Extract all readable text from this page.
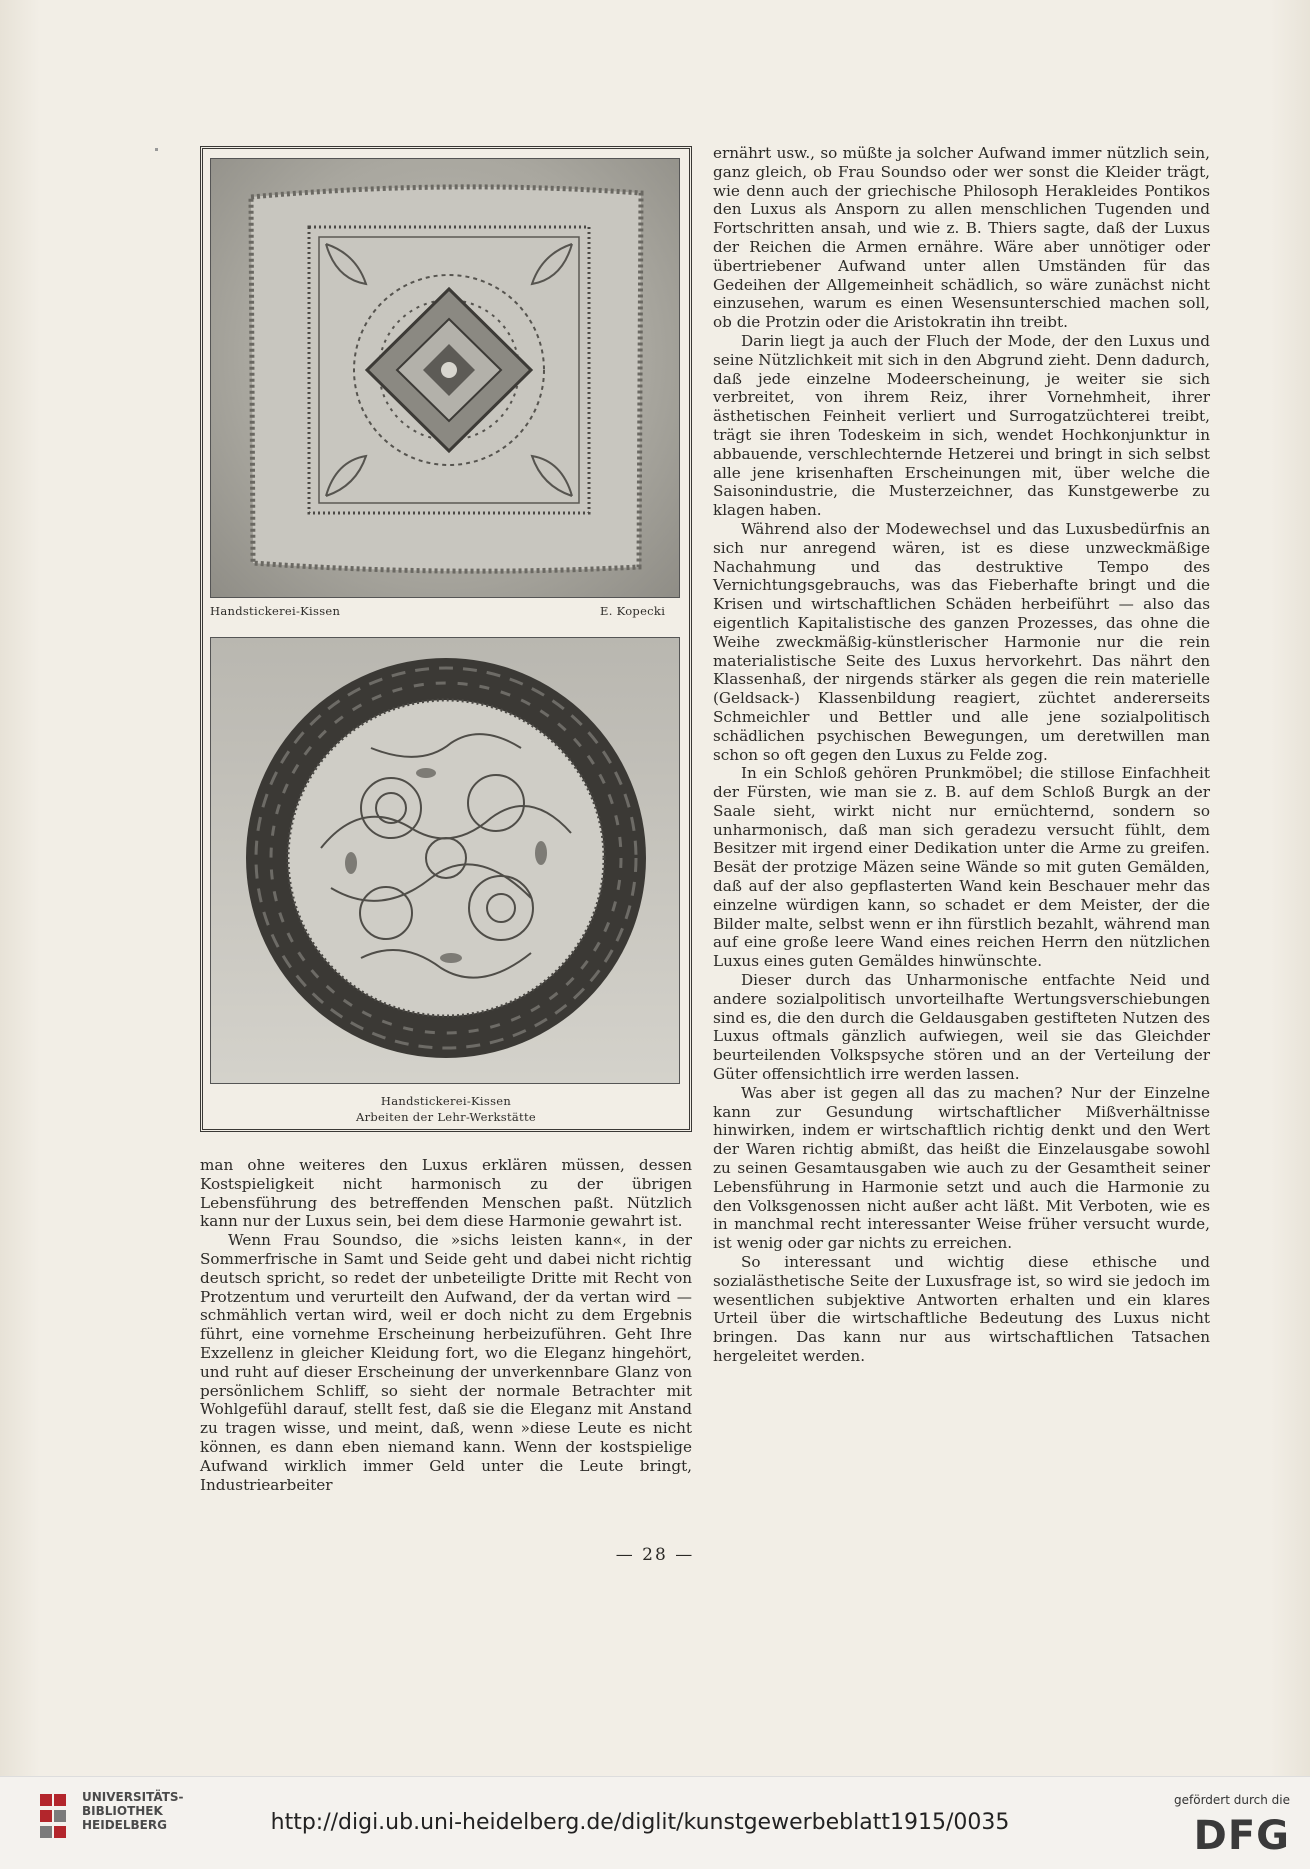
Handstickerei-Kissen	E. Kopecki
Handstickerei-Kissen
Arbeiten der Lehr-Werkstätte

ernährt usw., so müßte ja solcher Aufwand immer nützlich sein, ganz gleich, ob Frau Soundso oder wer sonst die Kleider trägt, wie denn auch der griechische Philosoph Herakleides Pontikos den Luxus als Ansporn zu allen menschlichen Tugenden und Fortschritten ansah, und wie z. B. Thiers sagte, daß der Luxus der Reichen die Armen ernähre. Wäre aber unnötiger oder übertriebener Aufwand unter allen Umständen für das Gedeihen der Allgemeinheit schädlich, so wäre zunächst nicht einzusehen, warum es einen Wesensunterschied machen soll, ob die Protzin oder die Aristokratin ihn treibt.

Darin liegt ja auch der Fluch der Mode, der den Luxus und seine Nützlichkeit mit sich in den Abgrund zieht. Denn dadurch, daß jede einzelne Modeerscheinung, je weiter sie sich verbreitet, von ihrem Reiz, ihrer Vornehmheit, ihrer ästhetischen Feinheit verliert und Surrogatzüchterei treibt, trägt sie ihren Todeskeim in sich, wendet Hochkonjunktur in abbauende, verschlechternde Hetzerei und bringt in sich selbst alle jene krisenhaften Erscheinungen mit, über welche die Saisonindustrie, die Musterzeichner, das Kunstgewerbe zu klagen haben.

Während also der Modewechsel und das Luxusbedürfnis an sich nur anregend wären, ist es diese unzweckmäßige Nachahmung und das destruktive Tempo des Vernichtungsgebrauchs, was das Fieberhafte bringt und die Krisen und wirtschaftlichen Schäden herbeiführt — also das eigentlich Kapitalistische des ganzen Prozesses, das ohne die Weihe zweckmäßig-künstlerischer Harmonie nur die rein materialistische Seite des Luxus hervorkehrt. Das nährt den Klassenhaß, der nirgends stärker als gegen die rein materielle (Geldsack-) Klassenbildung reagiert, züchtet andererseits Schmeichler und Bettler und alle jene sozialpolitisch schädlichen psychischen Bewegungen, um deretwillen man schon so oft gegen den Luxus zu Felde zog.

In ein Schloß gehören Prunkmöbel; die stillose Einfachheit der Fürsten, wie man sie z. B. auf dem Schloß Burgk an der Saale sieht, wirkt nicht nur ernüchternd, sondern so unharmonisch, daß man sich geradezu versucht fühlt, dem Besitzer mit irgend einer Dedikation unter die Arme zu greifen. Besät der protzige Mäzen seine Wände so mit guten Gemälden, daß auf der also gepflasterten Wand kein Beschauer mehr das einzelne würdigen kann, so schadet er dem Meister, der die Bilder malte, selbst wenn er ihn fürstlich bezahlt, während man auf eine große leere Wand eines reichen Herrn den nützlichen Luxus eines guten Gemäldes hinwünschte.

Dieser durch das Unharmonische entfachte Neid und andere sozialpolitisch unvorteilhafte Wertungsverschiebungen sind es, die den durch die Geldausgaben gestifteten Nutzen des Luxus oftmals gänzlich aufwiegen, weil sie das Gleichder beurteilenden Volkspsyche stören und an der Verteilung der Güter offensichtlich irre werden lassen.

Was aber ist gegen all das zu machen? Nur der Einzelne kann zur Gesundung wirtschaftlicher Mißverhältnisse hinwirken, indem er wirtschaftlich richtig denkt und den Wert der Waren richtig abmißt, das heißt die Einzelausgabe sowohl zu seinen Gesamtausgaben wie auch zu der Gesamtheit seiner Lebensführung in Harmonie setzt und auch die Harmonie zu den Volksgenossen nicht außer acht läßt. Mit Verboten, wie es in manchmal recht interessanter Weise früher versucht wurde, ist wenig oder gar nichts zu erreichen.

So interessant und wichtig diese ethische und sozialästhetische Seite der Luxusfrage ist, so wird sie jedoch im wesentlichen subjektive Antworten erhalten und ein klares Urteil über die wirtschaftliche Bedeutung des Luxus nicht bringen. Das kann nur aus wirtschaftlichen Tatsachen hergeleitet werden.

man ohne weiteres den Luxus erklären müssen, dessen Kostspieligkeit nicht harmonisch zu der übrigen Lebensführung des betreffenden Menschen paßt. Nützlich kann nur der Luxus sein, bei dem diese Harmonie gewahrt ist.

Wenn Frau Soundso, die »sichs leisten kann«, in der Sommerfrische in Samt und Seide geht und dabei nicht richtig deutsch spricht, so redet der unbeteiligte Dritte mit Recht von Protzentum und verurteilt den Aufwand, der da vertan wird — schmählich vertan wird, weil er doch nicht zu dem Ergebnis führt, eine vornehme Erscheinung herbeizuführen. Geht Ihre Exzellenz in gleicher Kleidung fort, wo die Eleganz hingehört, und ruht auf dieser Erscheinung der unverkennbare Glanz von persönlichem Schliff, so sieht der normale Betrachter mit Wohlgefühl darauf, stellt fest, daß sie die Eleganz mit Anstand zu tragen wisse, und meint, daß, wenn »diese Leute es nicht können, es dann eben niemand kann. Wenn der kostspielige Aufwand wirklich immer Geld unter die Leute bringt, Industriearbeiter

— 28 —
UNIVERSITÄTS-
BIBLIOTHEK
HEIDELBERG	http://digi.ub.uni-heidelberg.de/diglit/kunstgewerbeblatt1915/0035
gefördert durch die
DFG
